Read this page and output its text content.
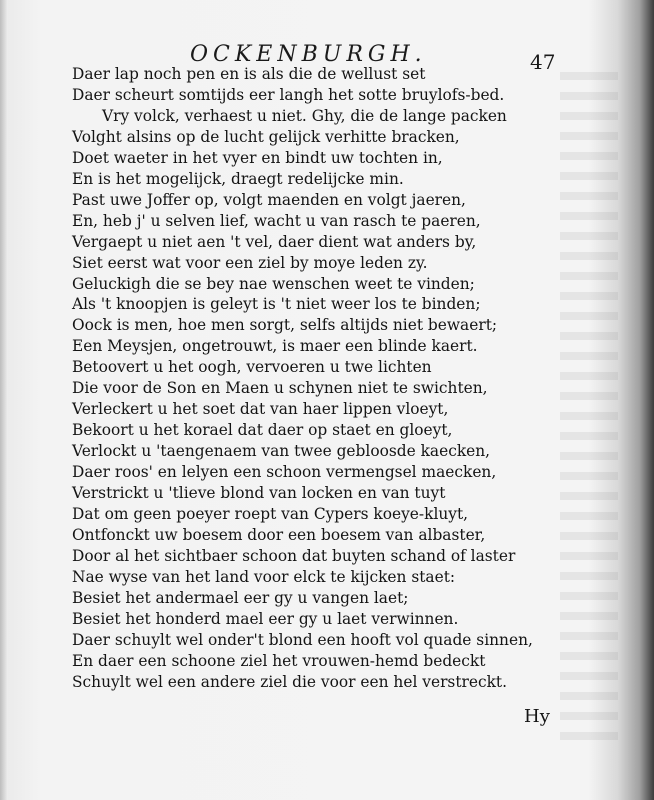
OCKENBURGH.	47
Daer lap noch pen en is als die de wellust set
Daer scheurt somtijds eer langh het sotte bruylofs-bed.
Vry volck, verhaest u niet. Ghy, die de lange packen
Volght alsins op de lucht gelijck verhitte bracken,
Doet waeter in het vyer en bindt uw tochten in,
En is het mogelijck, draegt redelijcke min.
Past uwe Joffer op, volgt maenden en volgt jaeren,
En, heb j' u selven lief, wacht u van rasch te paeren,
Vergaept u niet aen 't vel, daer dient wat anders by,
Siet eerst wat voor een ziel by moye leden zy.
Geluckigh die se bey nae wenschen weet te vinden;
Als 't knoopjen is geleyt is 't niet weer los te binden;
Oock is men, hoe men sorgt, selfs altijds niet bewaert;
Een Meysjen, ongetrouwt, is maer een blinde kaert.
Betoovert u het oogh, vervoeren u twe lichten
Die voor de Son en Maen u schynen niet te swichten,
Verleckert u het soet dat van haer lippen vloeyt,
Bekoort u het korael dat daer op staet en gloeyt,
Verlockt u 'taengenaem van twee gebloosde kaecken,
Daer roos' en lelyen een schoon vermengsel maecken,
Verstrickt u 'tlieve blond van locken en van tuyt
Dat om geen poeyer roept van Cypers koeye-kluyt,
Ontfonckt uw boesem door een boesem van albaster,
Door al het sichtbaer schoon dat buyten schand of laster
Nae wyse van het land voor elck te kijcken staet:
Besiet het andermael eer gy u vangen laet;
Besiet het honderd mael eer gy u laet verwinnen.
Daer schuylt wel onder't blond een hooft vol quade sinnen,
En daer een schoone ziel het vrouwen-hemd bedeckt
Schuylt wel een andere ziel die voor een hel verstreckt.
Hy
